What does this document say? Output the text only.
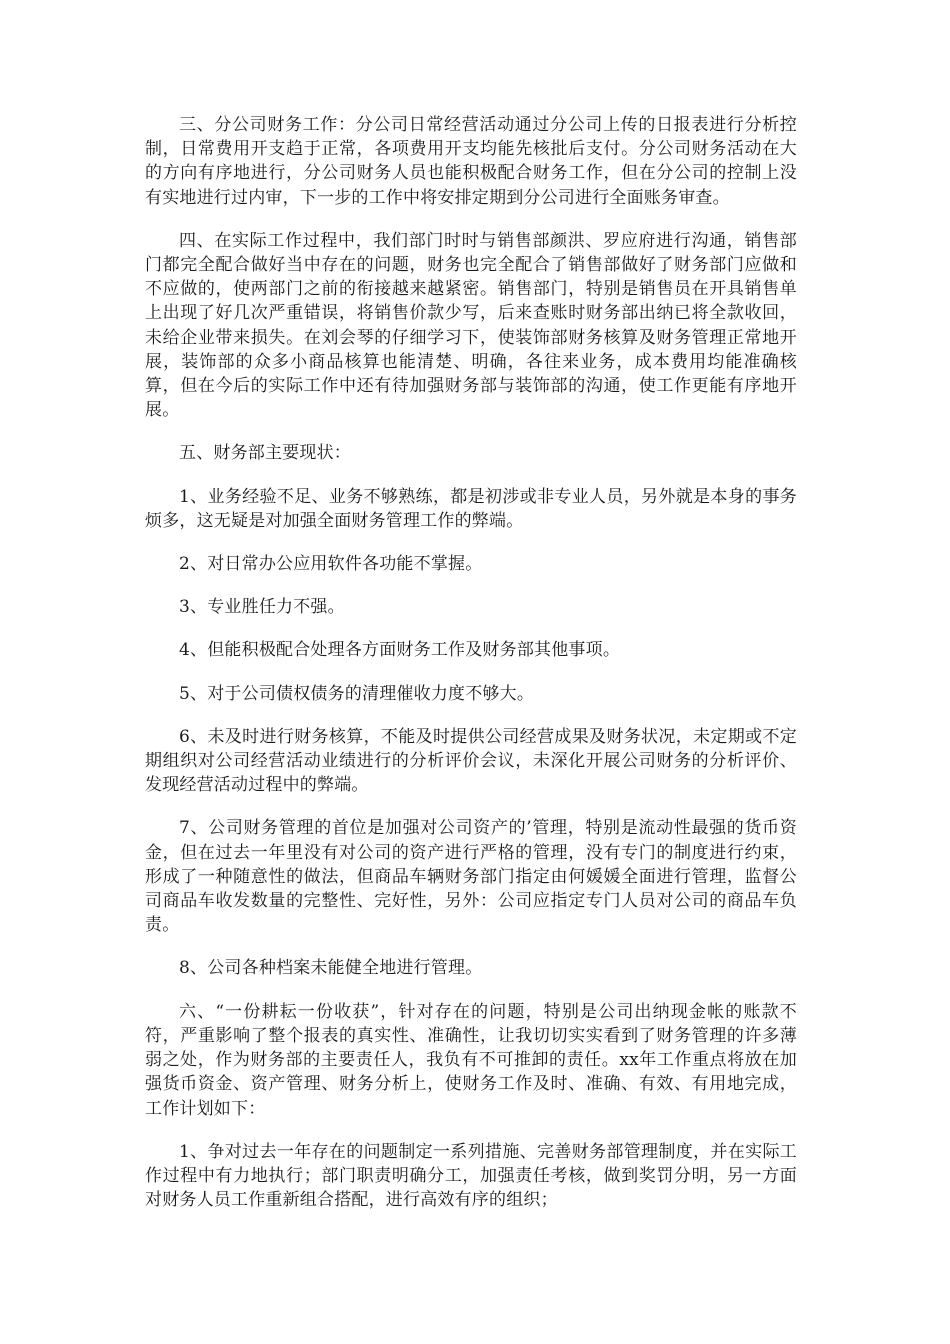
三、分公司财务工作：分公司日常经营活动通过分公司上传的日报表进行分析控制，日常费用开支趋于正常，各项费用开支均能先核批后支付。分公司财务活动在大的方向有序地进行，分公司财务人员也能积极配合财务工作，但在分公司的控制上没有实地进行过内审，下一步的工作中将安排定期到分公司进行全面账务审查。

四、在实际工作过程中，我们部门时时与销售部颜洪、罗应府进行沟通，销售部门都完全配合做好当中存在的问题，财务也完全配合了销售部做好了财务部门应做和不应做的，使两部门之前的衔接越来越紧密。销售部门，特别是销售员在开具销售单上出现了好几次严重错误，将销售价款少写，后来查账时财务部出纳已将全款收回，未给企业带来损失。在刘会琴的仔细学习下，使装饰部财务核算及财务管理正常地开展，装饰部的众多小商品核算也能清楚、明确，各往来业务，成本费用均能准确核算，但在今后的实际工作中还有待加强财务部与装饰部的沟通，使工作更能有序地开展。

五、财务部主要现状：

1、业务经验不足、业务不够熟练，都是初涉或非专业人员，另外就是本身的事务烦多，这无疑是对加强全面财务管理工作的弊端。

2、对日常办公应用软件各功能不掌握。

3、专业胜任力不强。

4、但能积极配合处理各方面财务工作及财务部其他事项。

5、对于公司债权债务的清理催收力度不够大。

6、未及时进行财务核算，不能及时提供公司经营成果及财务状况，未定期或不定期组织对公司经营活动业绩进行的分析评价会议，未深化开展公司财务的分析评价、发现经营活动过程中的弊端。

7、公司财务管理的首位是加强对公司资产的’管理，特别是流动性最强的货币资金，但在过去一年里没有对公司的资产进行严格的管理，没有专门的制度进行约束，形成了一种随意性的做法，但商品车辆财务部门指定由何媛媛全面进行管理，监督公司商品车收发数量的完整性、完好性，另外：公司应指定专门人员对公司的商品车负责。

8、公司各种档案未能健全地进行管理。

六、“一份耕耘一份收获”，针对存在的问题，特别是公司出纳现金帐的账款不符，严重影响了整个报表的真实性、准确性，让我切切实实看到了财务管理的许多薄弱之处，作为财务部的主要责任人，我负有不可推卸的责任。xx年工作重点将放在加强货币资金、资产管理、财务分析上，使财务工作及时、准确、有效、有用地完成，工作计划如下：

1、争对过去一年存在的问题制定一系列措施、完善财务部管理制度，并在实际工作过程中有力地执行；部门职责明确分工，加强责任考核，做到奖罚分明，另一方面对财务人员工作重新组合搭配，进行高效有序的组织；
